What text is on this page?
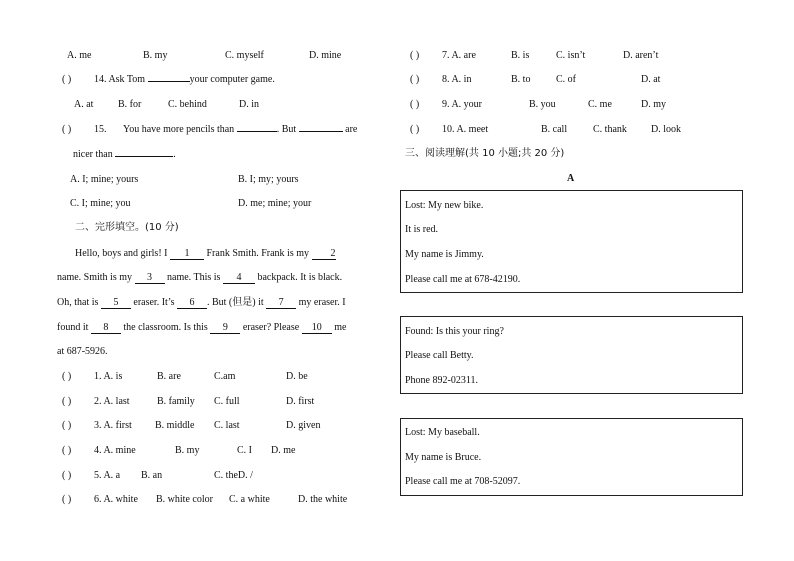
A. me	B. my	C. myself	D. mine
( ) 14. Ask Tom	your computer game.
A. at B. for	C. behind	D. in
( ) 15. You have more pencils than	. But	are
nicer than	.
A. I; mine; yours	B. I; my; yours
C. I; mine; you	D. me; mine; your
二、完形填空。(10 分)
Hello, boys and girls! I 1 Frank Smith. Frank is my 2
name. Smith is my 3 name. This is 4 backpack. It is black.
Oh, that is 5 eraser. It’s 6 . But (但是) it 7 my eraser. I
found it 8 the classroom. Is this 9 eraser? Please 10 me
at 687-5926.
( ) 1. A. is	B. are	C.am	D. be
( ) 2. A. last	B. family C. full	D. first
( ) 3. A. first B. middle C. last	D. given
( ) 4. A. mine	B. my	C. I D. me
( ) 5. A. a B. an	C. theD. /
( ) 6. A. white B. white color C. a white	D. the white
( ) 7. A. are	B. is	C. isn’t	D. aren’t
( ) 8. A. in	B. to	C. of	D. at
( ) 9. A. your	B. you	C. me	D. my
( ) 10. A. meet	B. call	C. thank D. look
三、阅读理解(共 10 小题;共 20 分)
A
Lost: My new bike.
It is red.
My name is Jimmy.
Please call me at 678-42190.
Found: Is this your ring?
Please call Betty.
Phone 892-02311.
Lost: My baseball.
My name is Bruce.
Please call me at 708-52097.
